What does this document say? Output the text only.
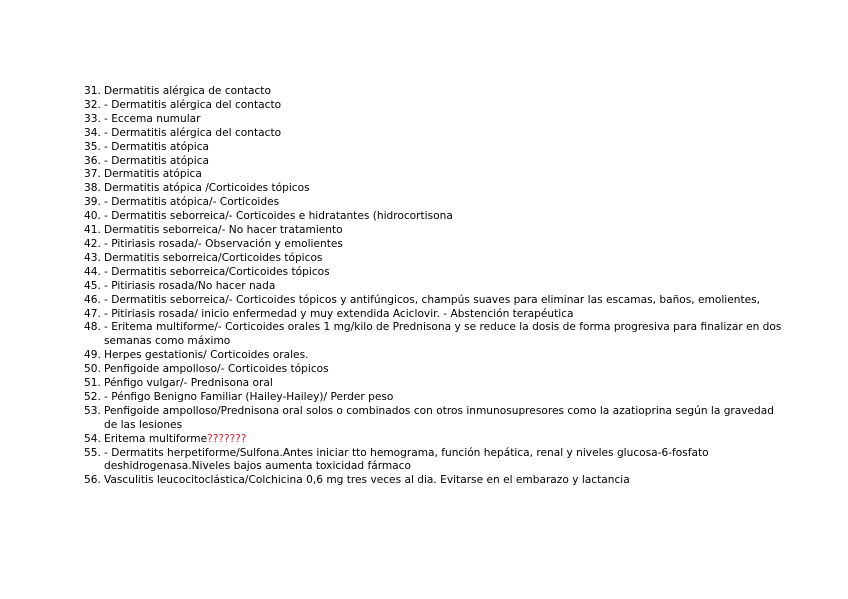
31. Dermatitis alérgica de contacto
32. - Dermatitis alérgica del contacto
33. - Eccema numular
34. - Dermatitis alérgica del contacto
35. - Dermatitis atópica
36. - Dermatitis atópica
37. Dermatitis atópica
38. Dermatitis atópica /Corticoides tópicos
39. - Dermatitis atópica/- Corticoides
40. - Dermatitis seborreica/- Corticoides e hidratantes (hidrocortisona
41. Dermatitis seborreica/- No hacer tratamiento
42. - Pitiriasis rosada/- Observación y emolientes
43. Dermatitis seborreica/Corticoides tópicos
44. - Dermatitis seborreica/Corticoides tópicos
45. - Pitiriasis rosada/No hacer nada
46. - Dermatitis seborreica/- Corticoides tópicos y antifúngicos, champús suaves para eliminar las escamas, baños, emolientes,
47. - Pitiriasis rosada/ inicio enfermedad y muy extendida Aciclovir. - Abstención terapéutica
48. - Eritema multiforme/- Corticoides orales 1 mg/kilo de Prednisona y se reduce la dosis de forma progresiva para finalizar en dos semanas como máximo
49. Herpes gestationis/ Corticoides orales.
50. Penfigoide ampolloso/- Corticoides tópicos
51. Pénfigo vulgar/- Prednisona oral
52. - Pénfigo Benigno Familiar (Hailey-Hailey)/ Perder peso
53. Penfigoide ampolloso/Prednisona oral solos o combinados con otros inmunosupresores como la azatioprina según la gravedad de las lesiones
54. Eritema multiforme???????
55. - Dermatits herpetiforme/Sulfona.Antes iniciar tto hemograma, función hepática, renal y niveles glucosa-6-fosfato deshidrogenasa.Niveles bajos aumenta toxicidad fármaco
56. Vasculitis leucocitoclástica/Colchicina 0,6 mg tres veces al dia. Evitarse en el embarazo y lactancia
